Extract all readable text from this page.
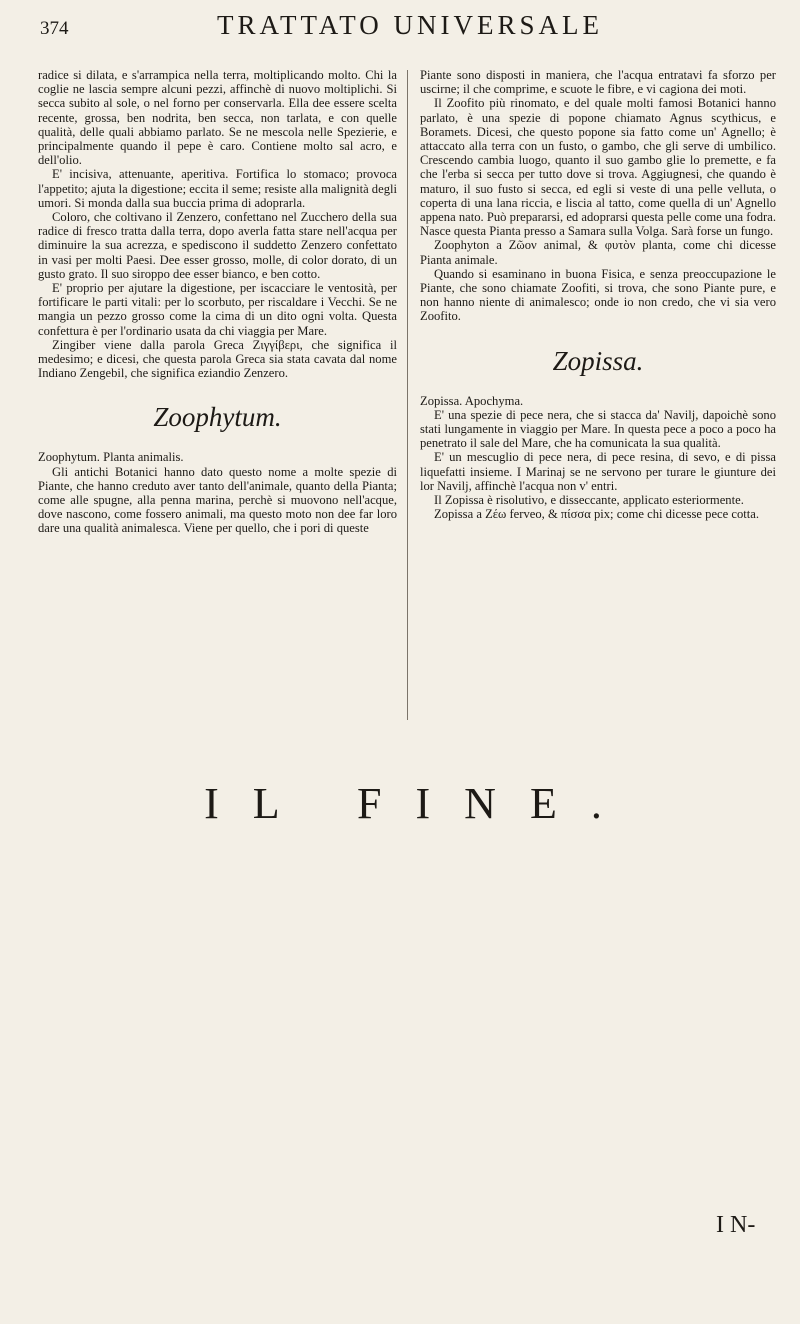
374	TRATTATO UNIVERSALE

radice si dilata, e s'arrampica nella terra, moltiplicando molto. Chi la coglie ne lascia sempre alcuni pezzi, affinchè di nuovo moltiplichi. Si secca subito al sole, o nel forno per conservarla. Ella dee essere scelta recente, grossa, ben nodrita, ben secca, non tarlata, e con quelle qualità, delle quali abbiamo parlato. Se ne mescola nelle Spezierie, e principalmente quando il pepe è caro. Contiene molto sal acro, e dell'olio.

E' incisiva, attenuante, aperitiva. Fortifica lo stomaco; provoca l'appetito; ajuta la digestione; eccita il seme; resiste alla malignità degli umori. Si monda dalla sua buccia prima di adoprarla.

Coloro, che coltivano il Zenzero, confettano nel Zucchero della sua radice di fresco tratta dalla terra, dopo averla fatta stare nell'acqua per diminuire la sua acrezza, e spediscono il suddetto Zenzero confettato in vasi per molti Paesi. Dee esser grosso, molle, di color dorato, di un gusto grato. Il suo siroppo dee esser bianco, e ben cotto.

E' proprio per ajutare la digestione, per iscacciare le ventosità, per fortificare le parti vitali: per lo scorbuto, per riscaldare i Vecchi. Se ne mangia un pezzo grosso come la cima di un dito ogni volta. Questa confettura è per l'ordinario usata da chi viaggia per Mare.

Zingiber viene dalla parola Greca Ζιγγίβερι, che significa il medesimo; e dicesi, che questa parola Greca sia stata cavata dal nome Indiano Zengebil, che significa eziandio Zenzero.

Zoophytum.

Zoophytum. Planta animalis.

Gli antichi Botanici hanno dato questo nome a molte spezie di Piante, che hanno creduto aver tanto dell'animale, quanto della Pianta; come alle spugne, alla penna marina, perchè si muovono nell'acque, dove nascono, come fossero animali, ma questo moto non dee far loro dare una qualità animalesca. Viene per quello, che i pori di queste

Piante sono disposti in maniera, che l'acqua entratavi fa sforzo per uscirne; il che comprime, e scuote le fibre, e vi cagiona dei moti.

Il Zoofito più rinomato, e del quale molti famosi Botanici hanno parlato, è una spezie di popone chiamato Agnus scythicus, e Boramets. Dicesi, che questo popone sia fatto come un' Agnello; è attaccato alla terra con un fusto, o gambo, che gli serve di umbilico. Crescendo cambia luogo, quanto il suo gambo glie lo premette, e fa che l'erba si secca per tutto dove si trova. Aggiugnesi, che quando è maturo, il suo fusto si secca, ed egli si veste di una pelle velluta, o coperta di una lana riccia, e liscia al tatto, come quella di un' Agnello appena nato. Può prepararsi, ed adoprarsi questa pelle come una fodra. Nasce questa Pianta presso a Samara sulla Volga. Sarà forse un fungo.

Zoophyton a Ζῶον animal, & φυτὸν planta, come chi dicesse Pianta animale.

Quando si esaminano in buona Fisica, e senza preoccupazione le Piante, che sono chiamate Zoofiti, si trova, che sono Piante pure, e non hanno niente di animalesco; onde io non credo, che vi sia vero Zoofito.

Zopissa.

Zopissa. Apochyma.

E' una spezie di pece nera, che si stacca da' Navilj, dapoichè sono stati lungamente in viaggio per Mare. In questa pece a poco a poco ha penetrato il sale del Mare, che ha comunicata la sua qualità.

E' un mescuglio di pece nera, di pece resina, di sevo, e di pissa liquefatti insieme. I Marinaj se ne servono per turare le giunture dei lor Navilj, affinchè l'acqua non v' entri.

Il Zopissa è risolutivo, e disseccante, applicato esteriormente.

Zopissa a Ζέω ferveo, & πίσσα pix; come chi dicesse pece cotta.

IL FINE.
I N-
